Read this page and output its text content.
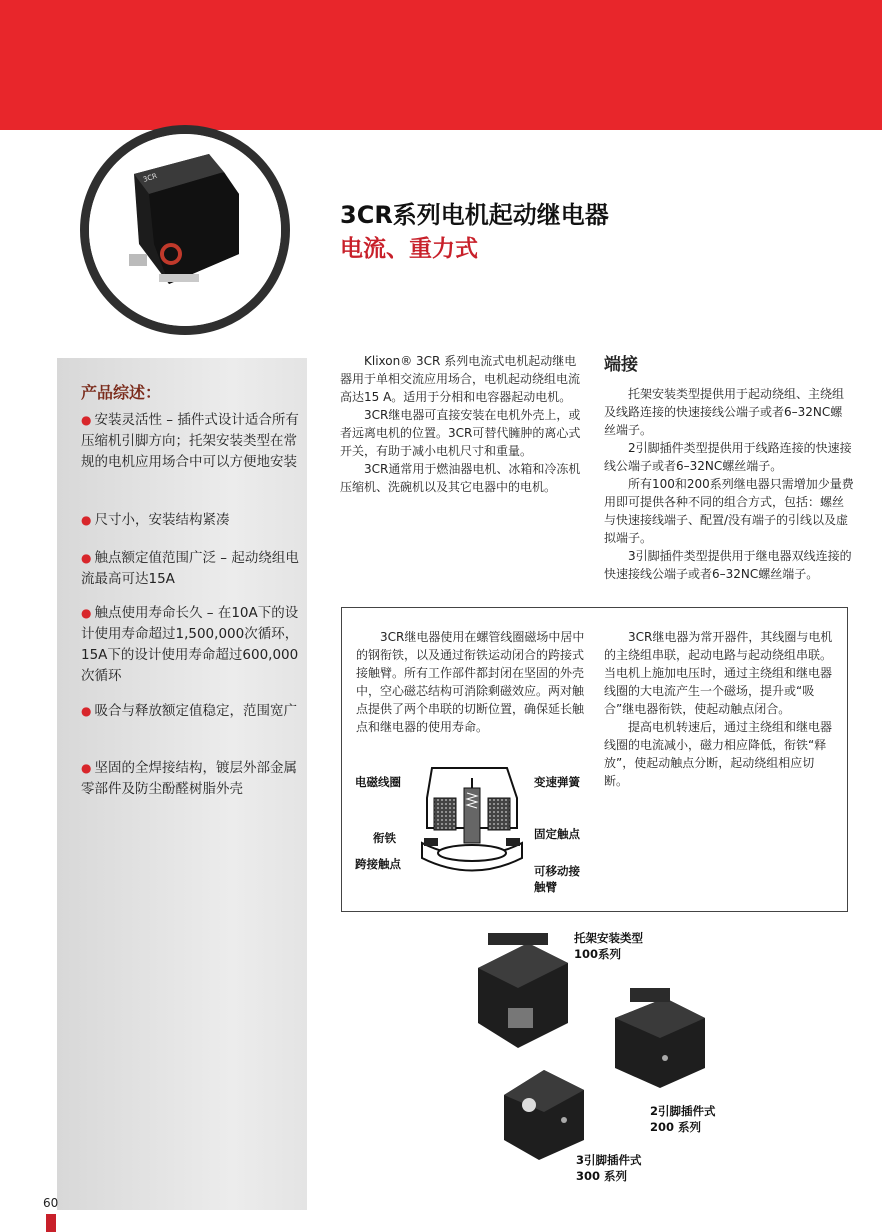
3CR
3CR系列电机起动继电器
电流、重力式
产品综述：
● 安装灵活性 – 插件式设计适合所有压缩机引脚方向；托架安装类型在常规的电机应用场合中可以方便地安装
● 尺寸小，安装结构紧凑
● 触点额定值范围广泛 – 起动绕组电流最高可达15A
● 触点使用寿命长久 – 在10A下的设计使用寿命超过1,500,000次循环，15A下的设计使用寿命超过600,000次循环
● 吸合与释放额定值稳定，范围宽广
● 坚固的全焊接结构，镀层外部金属零部件及防尘酚醛树脂外壳

Klixon® 3CR 系列电流式电机起动继电器用于单相交流应用场合，电机起动绕组电流高达15 A。适用于分相和电容器起动电机。

3CR继电器可直接安装在电机外壳上，或者远离电机的位置。3CR可替代臃肿的离心式开关，有助于减小电机尺寸和重量。

3CR通常用于燃油器电机、冰箱和冷冻机压缩机、洗碗机以及其它电器中的电机。

端接

托架安装类型提供用于起动绕组、主绕组及线路连接的快速接线公端子或者6–32NC螺丝端子。

2引脚插件类型提供用于线路连接的快速接线公端子或者6–32NC螺丝端子。

所有100和200系列继电器只需增加少量费用即可提供各种不同的组合方式，包括：螺丝与快速接线端子、配置/没有端子的引线以及虚拟端子。

3引脚插件类型提供用于继电器双线连接的快速接线公端子或者6–32NC螺丝端子。

3CR继电器使用在螺管线圈磁场中居中的钢衔铁，以及通过衔铁运动闭合的跨接式接触臂。所有工作部件都封闭在坚固的外壳中，空心磁芯结构可消除剩磁效应。两对触点提供了两个串联的切断位置，确保延长触点和继电器的使用寿命。

3CR继电器为常开器件，其线圈与电机的主绕组串联，起动电路与起动绕组串联。当电机上施加电压时，通过主绕组和继电器线圈的大电流产生一个磁场，提升或“吸合”继电器衔铁，使起动触点闭合。

提高电机转速后，通过主绕组和继电器线圈的电流减小，磁力相应降低，衔铁“释放”，使起动触点分断，起动绕组相应切断。

电磁线圈
衔铁
跨接触点
变速弹簧
固定触点
可移动接触臂
托架安装类型
100系列
2引脚插件式
200 系列
3引脚插件式
300 系列
60
